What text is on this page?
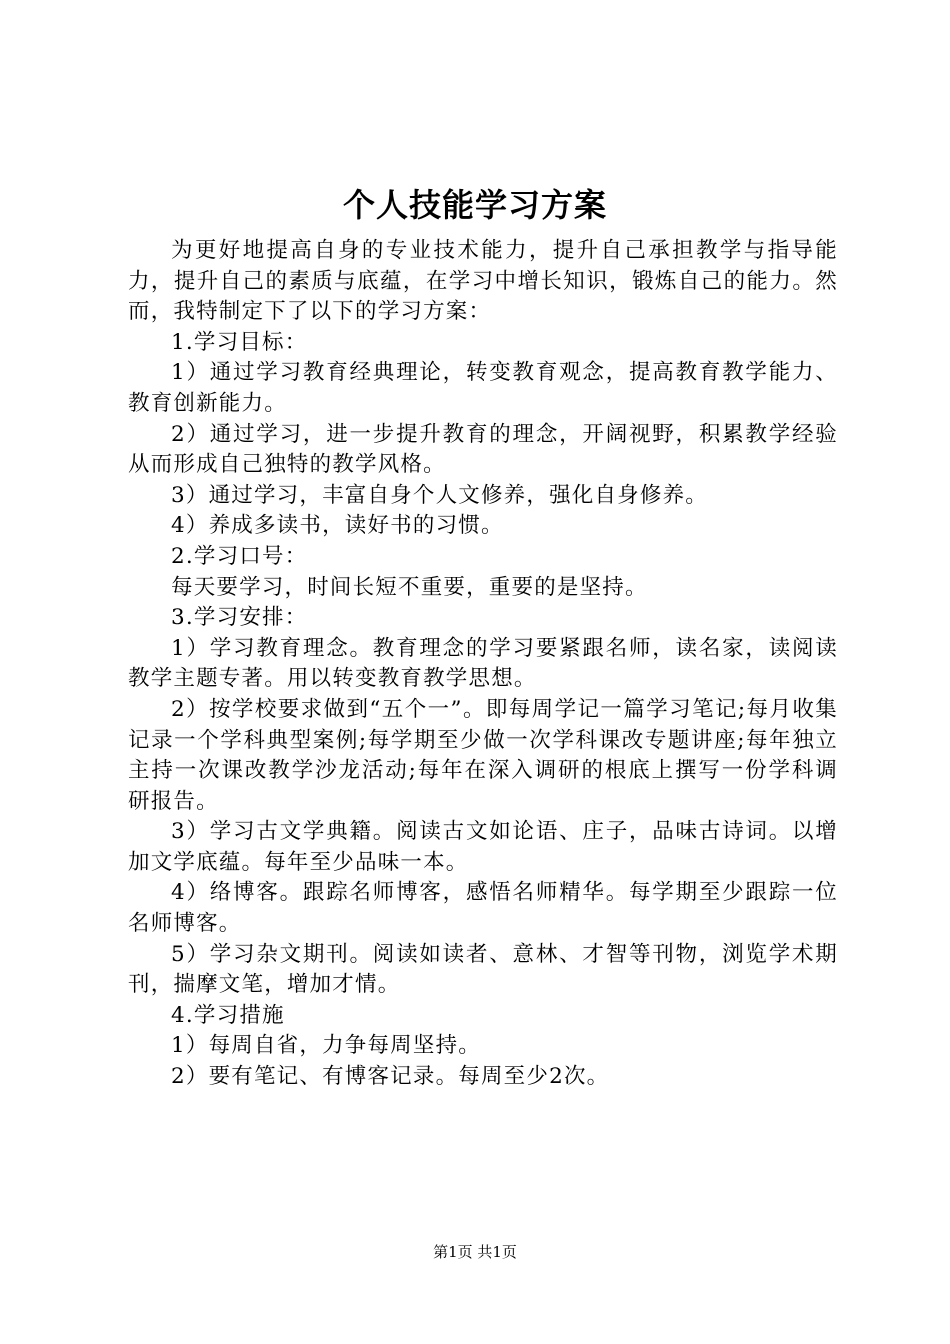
个人技能学习方案

为更好地提高自身的专业技术能力，提升自己承担教学与指导能力，提升自己的素质与底蕴，在学习中增长知识，锻炼自己的能力。然而，我特制定下了以下的学习方案：

1.学习目标：

1）通过学习教育经典理论，转变教育观念，提高教育教学能力、教育创新能力。

2）通过学习，进一步提升教育的理念，开阔视野，积累教学经验从而形成自己独特的教学风格。

3）通过学习，丰富自身个人文修养，强化自身修养。

4）养成多读书，读好书的习惯。

2.学习口号：

每天要学习，时间长短不重要，重要的是坚持。

3.学习安排：

1）学习教育理念。教育理念的学习要紧跟名师，读名家，读阅读教学主题专著。用以转变教育教学思想。

2）按学校要求做到“五个一”。即每周学记一篇学习笔记;每月收集记录一个学科典型案例;每学期至少做一次学科课改专题讲座;每年独立主持一次课改教学沙龙活动;每年在深入调研的根底上撰写一份学科调研报告。

3）学习古文学典籍。阅读古文如论语、庄子，品味古诗词。以增加文学底蕴。每年至少品味一本。

4）络博客。跟踪名师博客，感悟名师精华。每学期至少跟踪一位名师博客。

5）学习杂文期刊。阅读如读者、意林、才智等刊物，浏览学术期刊，揣摩文笔，增加才情。

4.学习措施

1）每周自省，力争每周坚持。

2）要有笔记、有博客记录。每周至少2次。

第1页 共1页
